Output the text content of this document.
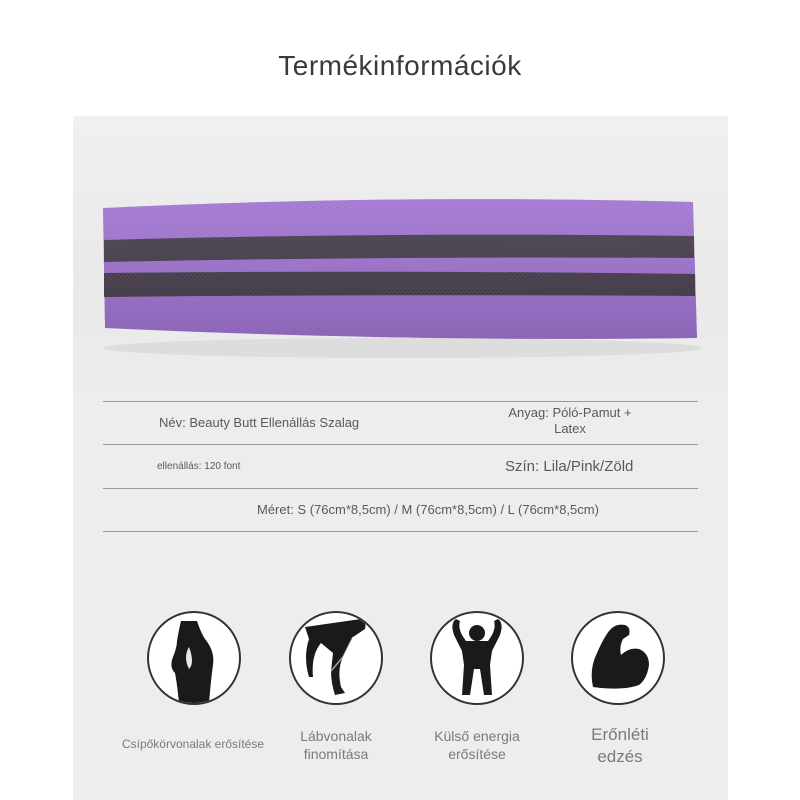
Termékinformációk
Név: Beauty Butt Ellenállás Szalag
Anyag: Póló-Pamut +
Latex
ellenállás: 120 font	Szín: Lila/Pink/Zöld
Méret: S (76cm*8,5cm) / M (76cm*8,5cm) / L (76cm*8,5cm)
Csípőkörvonalak erősítése	Lábvonalak
finomítása
Külső energia
erősítése
Erőnléti
edzés
